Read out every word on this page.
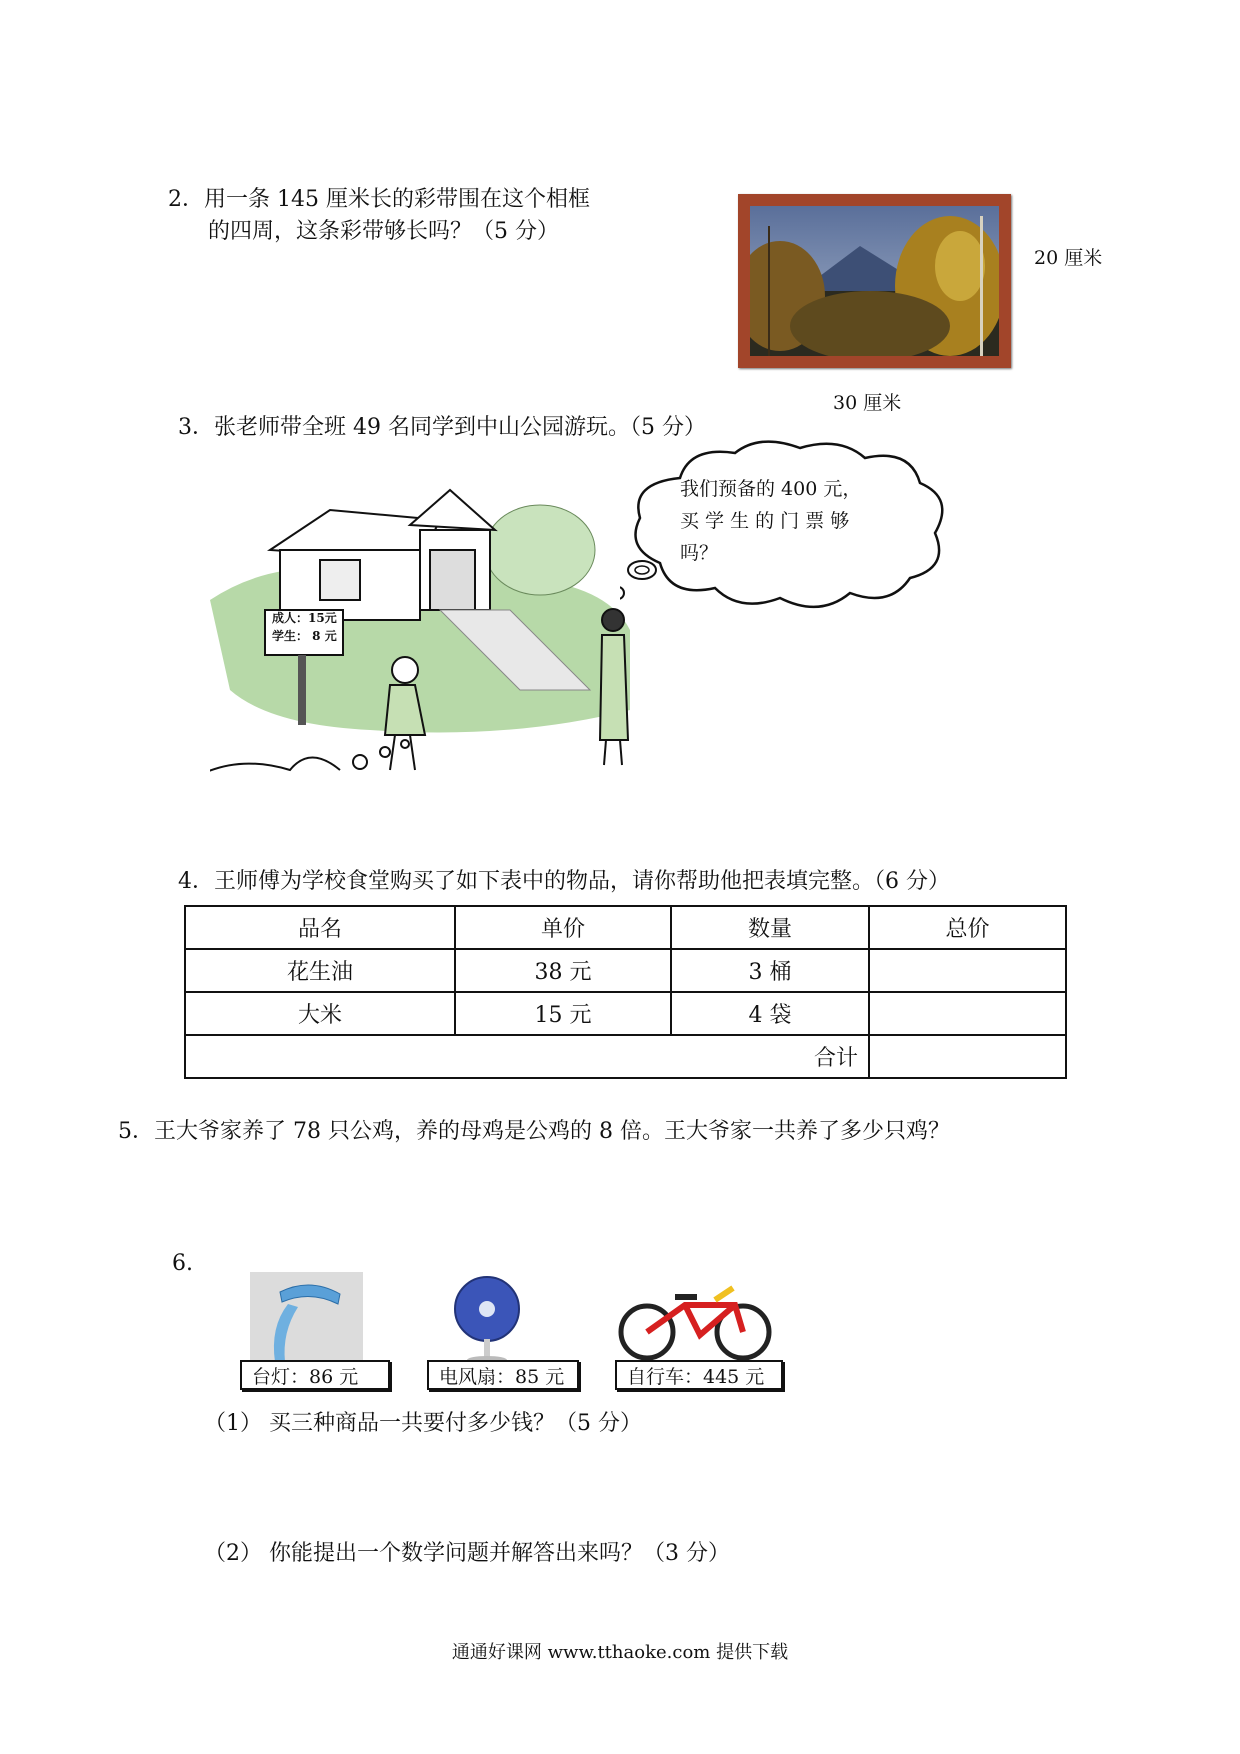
2．用一条 145 厘米长的彩带围在这个相框
的四周，这条彩带够长吗？（5 分）
20 厘米
30 厘米
3．张老师带全班 49 名同学到中山公园游玩。（5 分）
成人：15元
学生： 8 元
我们预备的 400 元，
买 学 生 的 门 票 够
吗？
4．王师傅为学校食堂购买了如下表中的物品，请你帮助他把表填完整。（6 分）
品名	单价	数量	总价
花生油	38 元	3 桶	
大米	15 元	4 袋	
合计			
5．王大爷家养了 78 只公鸡，养的母鸡是公鸡的 8 倍。王大爷家一共养了多少只鸡？
6.
台灯：86 元	电风扇：85 元	自行车：445 元
（1） 买三种商品一共要付多少钱？（5 分）
（2） 你能提出一个数学问题并解答出来吗？（3 分）
通通好课网 www.tthaoke.com 提供下载
